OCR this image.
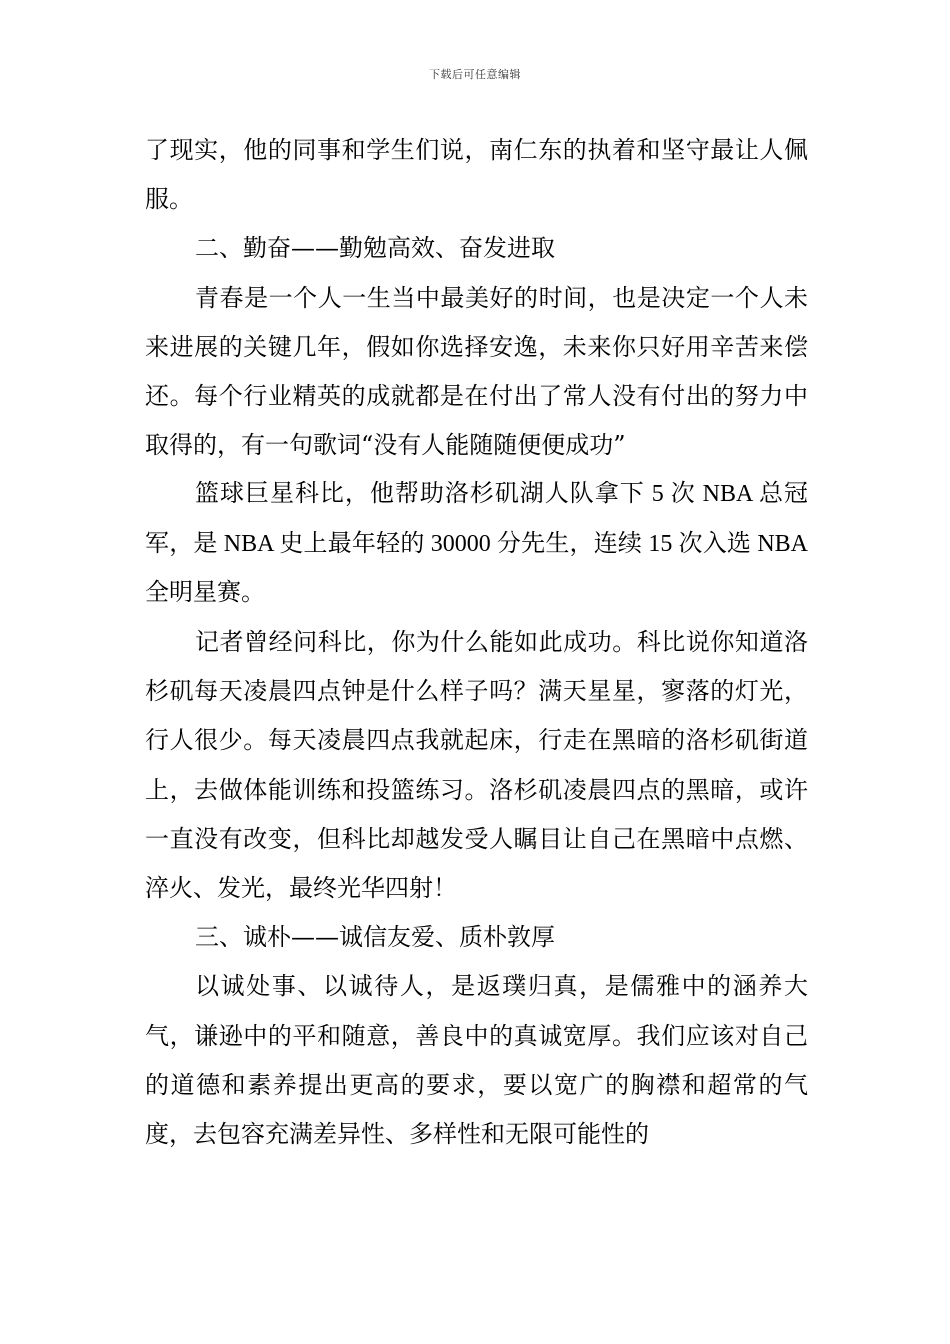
下载后可任意编辑

了现实，他的同事和学生们说，南仁东的执着和坚守最让人佩服。

二、勤奋——勤勉高效、奋发进取

青春是一个人一生当中最美好的时间，也是决定一个人未来进展的关键几年，假如你选择安逸，未来你只好用辛苦来偿还。每个行业精英的成就都是在付出了常人没有付出的努力中取得的，有一句歌词“没有人能随随便便成功”

篮球巨星科比，他帮助洛杉矶湖人队拿下 5 次 NBA 总冠军，是 NBA 史上最年轻的 30000 分先生，连续 15 次入选 NBA 全明星赛。

记者曾经问科比，你为什么能如此成功。科比说你知道洛杉矶每天凌晨四点钟是什么样子吗？满天星星，寥落的灯光，行人很少。每天凌晨四点我就起床，行走在黑暗的洛杉矶街道上，去做体能训练和投篮练习。洛杉矶凌晨四点的黑暗，或许一直没有改变，但科比却越发受人瞩目让自己在黑暗中点燃、淬火、发光，最终光华四射！

三、诚朴——诚信友爱、质朴敦厚

以诚处事、以诚待人，是返璞归真，是儒雅中的涵养大气，谦逊中的平和随意，善良中的真诚宽厚。我们应该对自己的道德和素养提出更高的要求，要以宽广的胸襟和超常的气度，去包容充满差异性、多样性和无限可能性的
